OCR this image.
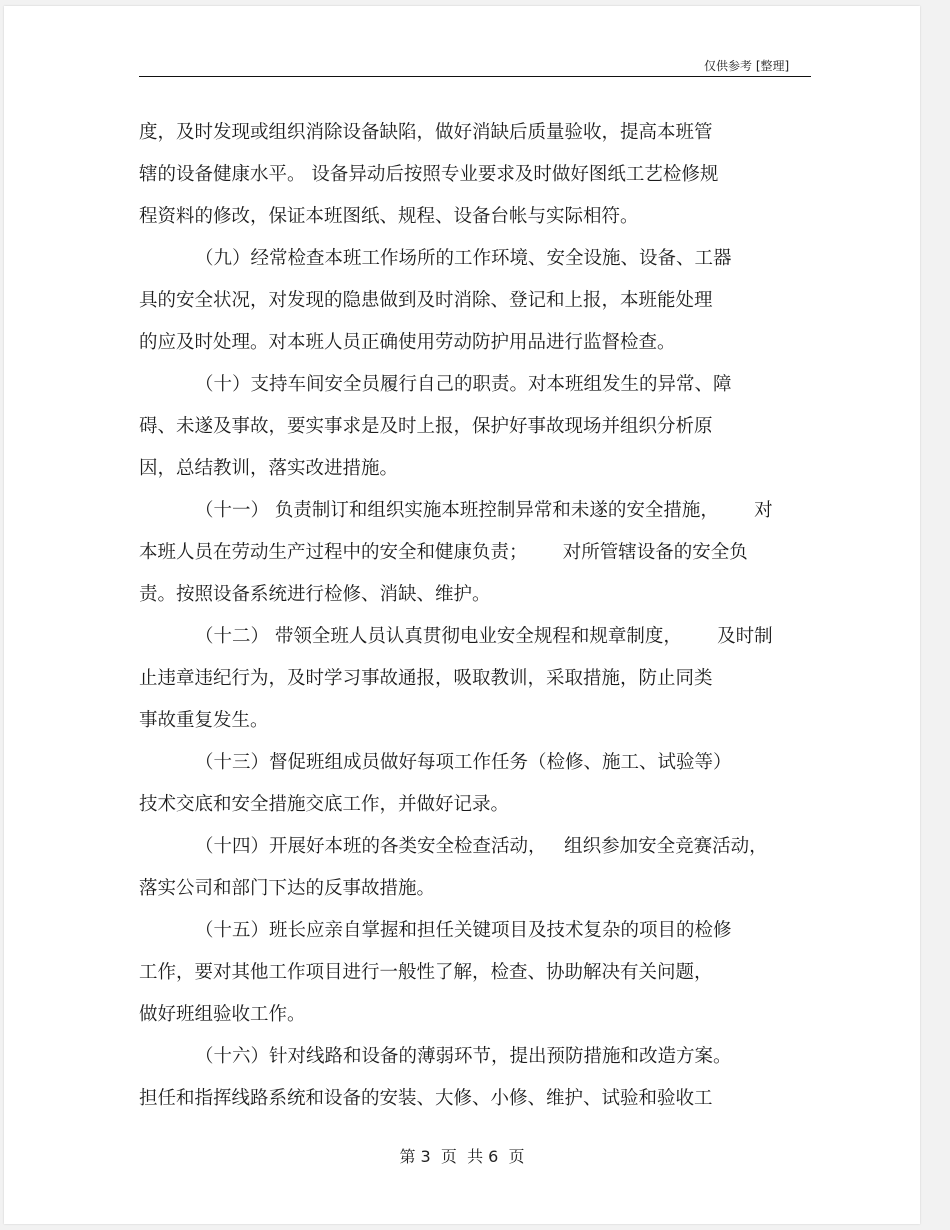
仅供参考 [整理]
度，及时发现或组织消除设备缺陷，做好消缺后质量验收，提高本班管
辖的设备健康水平。 设备异动后按照专业要求及时做好图纸工艺检修规
程资料的修改，保证本班图纸、规程、设备台帐与实际相符。
（九）经常检查本班工作场所的工作环境、安全设施、设备、工器
具的安全状况，对发现的隐患做到及时消除、登记和上报，本班能处理
的应及时处理。对本班人员正确使用劳动防护用品进行监督检查。
（十）支持车间安全员履行自己的职责。对本班组发生的异常、障
碍、未遂及事故，要实事求是及时上报，保护好事故现场并组织分析原
因，总结教训，落实改进措施。
（十一） 负责制订和组织实施本班控制异常和未遂的安全措施，      对
本班人员在劳动生产过程中的安全和健康负责；      对所管辖设备的安全负
责。按照设备系统进行检修、消缺、维护。
（十二） 带领全班人员认真贯彻电业安全规程和规章制度，      及时制
止违章违纪行为，及时学习事故通报，吸取教训，采取措施，防止同类
事故重复发生。
（十三）督促班组成员做好每项工作任务（检修、施工、试验等）
技术交底和安全措施交底工作，并做好记录。
（十四）开展好本班的各类安全检查活动，   组织参加安全竞赛活动，
落实公司和部门下达的反事故措施。
（十五）班长应亲自掌握和担任关键项目及技术复杂的项目的检修
工作，要对其他工作项目进行一般性了解，检查、协助解决有关问题，
做好班组验收工作。
（十六）针对线路和设备的薄弱环节，提出预防措施和改造方案。
担任和指挥线路系统和设备的安装、大修、小修、维护、试验和验收工
第 3  页  共 6  页
